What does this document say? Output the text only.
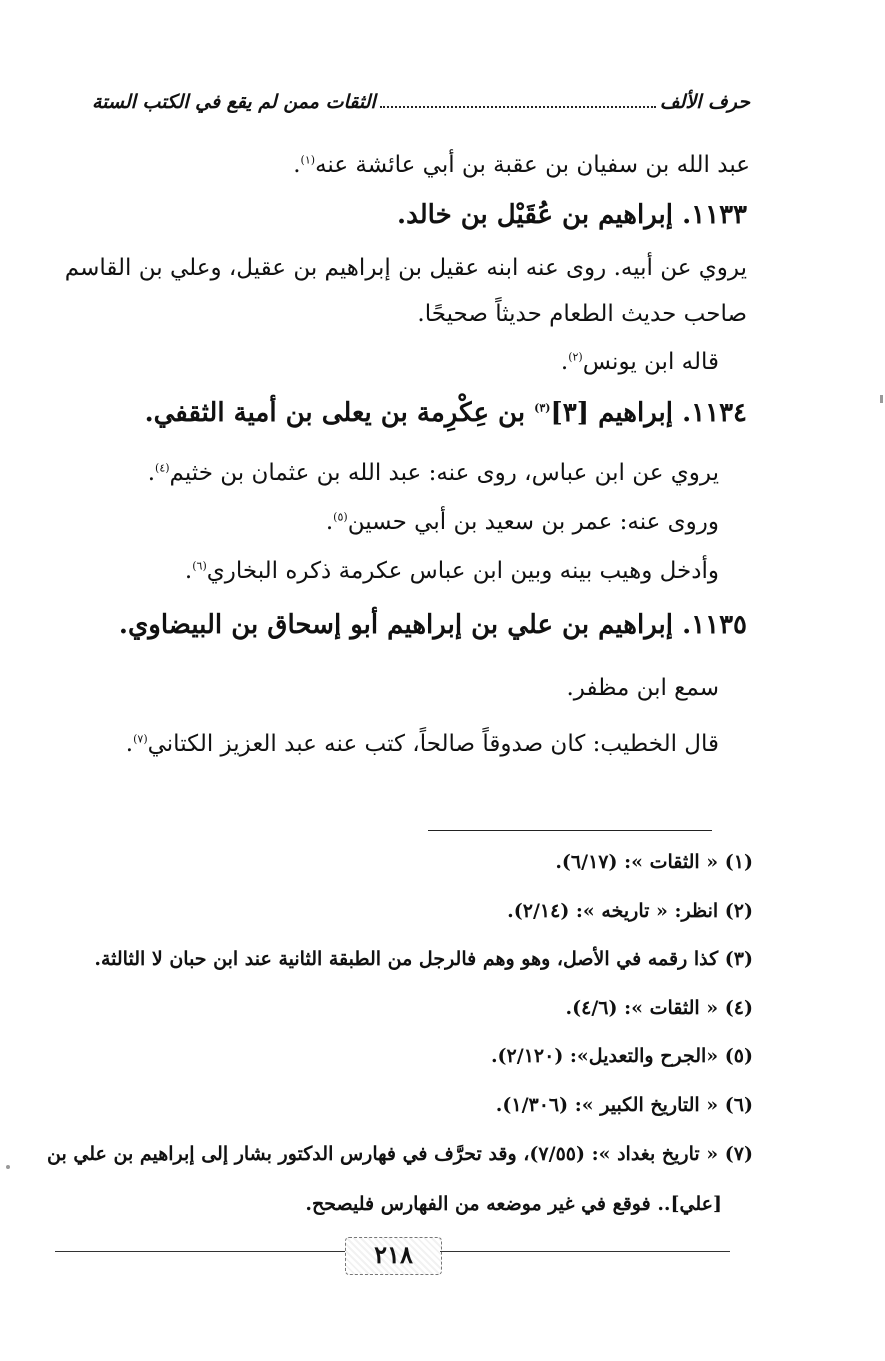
حرف الألف
الثقات ممن لم يقع في الكتب الستة
عبد الله بن سفيان بن عقبة بن أبي عائشة عنه$^{(١)}$.
١١٣٣. إبراهيم بن عُقَيْل بن خالد.
يروي عن أبيه. روى عنه ابنه عقيل بن إبراهيم بن عقيل، وعلي بن القاسم
صاحب حديث الطعام حديثاً صحيحًا.
قاله ابن يونس$^{(٢)}$.
١١٣٤. إبراهيم [٣]$^{(٣)}$ بن عِكْرِمة بن يعلى بن أمية الثقفي.
يروي عن ابن عباس، روى عنه: عبد الله بن عثمان بن خثيم$^{(٤)}$.
وروى عنه: عمر بن سعيد بن أبي حسين$^{(٥)}$.
وأدخل وهيب بينه وبين ابن عباس عكرمة ذكره البخاري$^{(٦)}$.
١١٣٥. إبراهيم بن علي بن إبراهيم أبو إسحاق بن البيضاوي.
سمع ابن مظفر.
قال الخطيب: كان صدوقاً صالحاً، كتب عنه عبد العزيز الكتاني$^{(٧)}$.
(١) « الثقات »: (٦/١٧).
(٢) انظر: « تاريخه »: (٢/١٤).
(٣) كذا رقمه في الأصل، وهو وهم فالرجل من الطبقة الثانية عند ابن حبان لا الثالثة.
(٤) « الثقات »: (٤/٦).
(٥) «الجرح والتعديل»: (٢/١٢٠).
(٦) « التاريخ الكبير »: (١/٣٠٦).
(٧) « تاريخ بغداد »: (٧/٥٥)، وقد تحرَّف في فهارس الدكتور بشار إلى إبراهيم بن علي بن
[علي].. فوقع في غير موضعه من الفهارس فليصحح.
٢١٨
